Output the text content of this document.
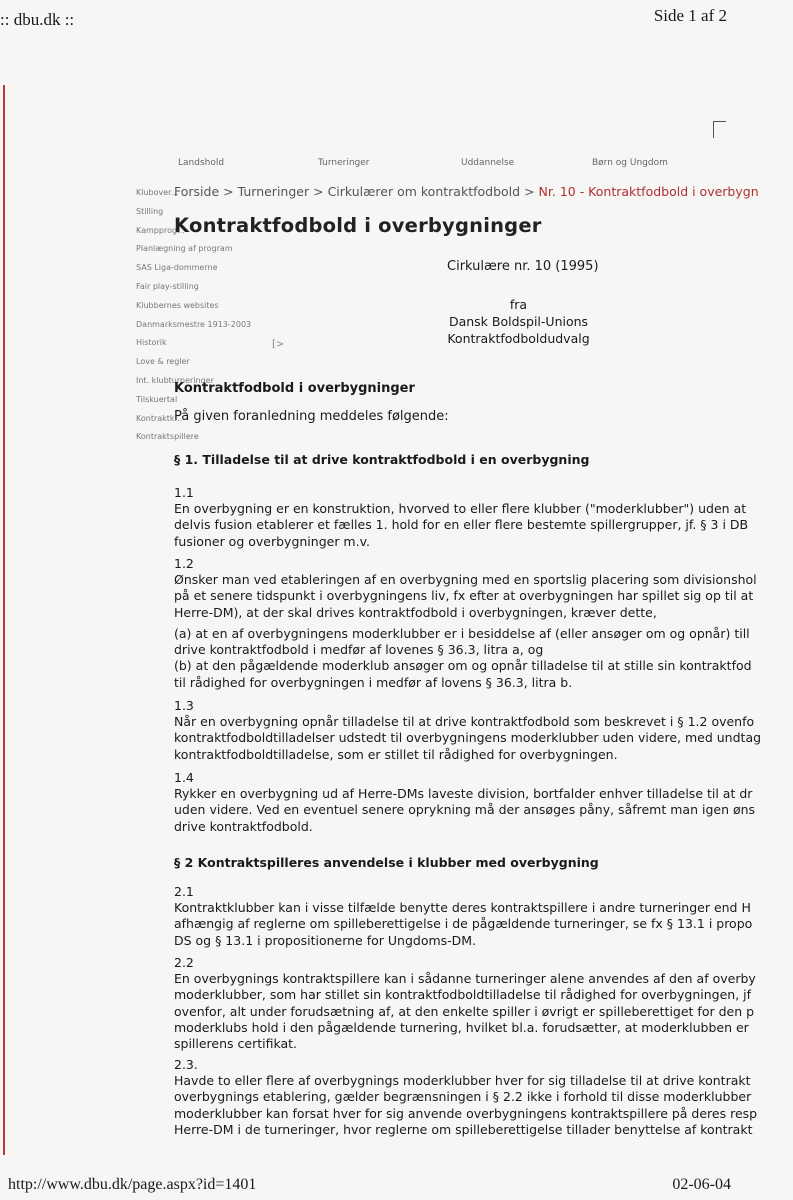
:: dbu.dk ::	Side 1 af 2
Landshold	Turneringer	Uddannelse	Børn og Ungdom
Klubover...
Stilling
Kampprog...
Planlægning af program
SAS Liga-dommerne
Fair play-stilling
Klubbernes websites
Danmarksmestre 1913-2003
Historik
Love & regler
Int. klubturneringer
Tilskuertal
Kontraktk...
Kontraktspillere
[>
Forside > Turneringer > Cirkulærer om kontraktfodbold > Nr. 10 - Kontraktfodbold i overbygn
Kontraktfodbold i overbygninger
Cirkulære nr. 10 (1995)
fra
Dansk Boldspil-Unions
Kontraktfodboldudvalg
Kontraktfodbold i overbygninger
På given foranledning meddeles følgende:
§ 1. Tilladelse til at drive kontraktfodbold i en overbygning
1.1
En overbygning er en konstruktion, hvorved to eller flere klubber ("moderklubber") uden at
delvis fusion etablerer et fælles 1. hold for en eller flere bestemte spillergrupper, jf. § 3 i DB
fusioner og overbygninger m.v.
1.2
Ønsker man ved etableringen af en overbygning med en sportslig placering som divisionshol
på et senere tidspunkt i overbygningens liv, fx efter at overbygningen har spillet sig op til at
Herre-DM), at der skal drives kontraktfodbold i overbygningen, kræver dette,
(a) at en af overbygningens moderklubber er i besiddelse af (eller ansøger om og opnår) till
drive kontraktfodbold i medfør af lovenes § 36.3, litra a, og
(b) at den pågældende moderklub ansøger om og opnår tilladelse til at stille sin kontraktfod
til rådighed for overbygningen i medfør af lovens § 36.3, litra b.
1.3
Når en overbygning opnår tilladelse til at drive kontraktfodbold som beskrevet i § 1.2 ovenfo
kontraktfodboldtilladelser udstedt til overbygningens moderklubber uden videre, med undtag
kontraktfodboldtilladelse, som er stillet til rådighed for overbygningen.
1.4
Rykker en overbygning ud af Herre-DMs laveste division, bortfalder enhver tilladelse til at dr
uden videre. Ved en eventuel senere oprykning må der ansøges påny, såfremt man igen øns
drive kontraktfodbold.
§ 2 Kontraktspilleres anvendelse i klubber med overbygning
2.1
Kontraktklubber kan i visse tilfælde benytte deres kontraktspillere i andre turneringer end H
afhængig af reglerne om spilleberettigelse i de pågældende turneringer, se fx § 13.1 i propo
DS og § 13.1 i propositionerne for Ungdoms-DM.
2.2
En overbygnings kontraktspillere kan i sådanne turneringer alene anvendes af den af overby
moderklubber, som har stillet sin kontraktfodboldtilladelse til rådighed for overbygningen, jf
ovenfor, alt under forudsætning af, at den enkelte spiller i øvrigt er spilleberettiget for den p
moderklubs hold i den pågældende turnering, hvilket bl.a. forudsætter, at moderklubben er
spillerens certifikat.
2.3.
Havde to eller flere af overbygnings moderklubber hver for sig tilladelse til at drive kontrakt
overbygnings etablering, gælder begrænsningen i § 2.2 ikke i forhold til disse moderklubber
moderklubber kan forsat hver for sig anvende overbygningens kontraktspillere på deres resp
Herre-DM i de turneringer, hvor reglerne om spilleberettigelse tillader benyttelse af kontrakt
http://www.dbu.dk/page.aspx?id=1401	02-06-04
